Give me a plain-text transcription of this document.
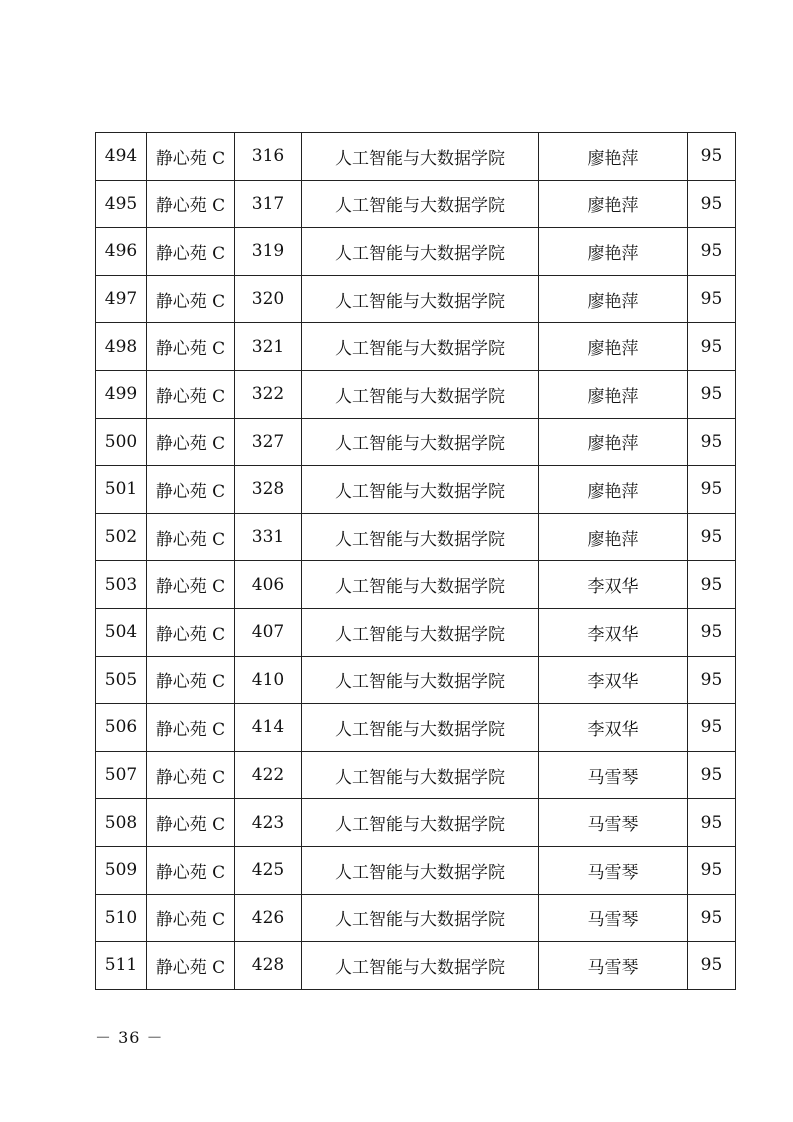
494	静心苑 C	316	人工智能与大数据学院	廖艳萍	95
495	静心苑 C	317	人工智能与大数据学院	廖艳萍	95
496	静心苑 C	319	人工智能与大数据学院	廖艳萍	95
497	静心苑 C	320	人工智能与大数据学院	廖艳萍	95
498	静心苑 C	321	人工智能与大数据学院	廖艳萍	95
499	静心苑 C	322	人工智能与大数据学院	廖艳萍	95
500	静心苑 C	327	人工智能与大数据学院	廖艳萍	95
501	静心苑 C	328	人工智能与大数据学院	廖艳萍	95
502	静心苑 C	331	人工智能与大数据学院	廖艳萍	95
503	静心苑 C	406	人工智能与大数据学院	李双华	95
504	静心苑 C	407	人工智能与大数据学院	李双华	95
505	静心苑 C	410	人工智能与大数据学院	李双华	95
506	静心苑 C	414	人工智能与大数据学院	李双华	95
507	静心苑 C	422	人工智能与大数据学院	马雪琴	95
508	静心苑 C	423	人工智能与大数据学院	马雪琴	95
509	静心苑 C	425	人工智能与大数据学院	马雪琴	95
510	静心苑 C	426	人工智能与大数据学院	马雪琴	95
511	静心苑 C	428	人工智能与大数据学院	马雪琴	95
－ 36 －
